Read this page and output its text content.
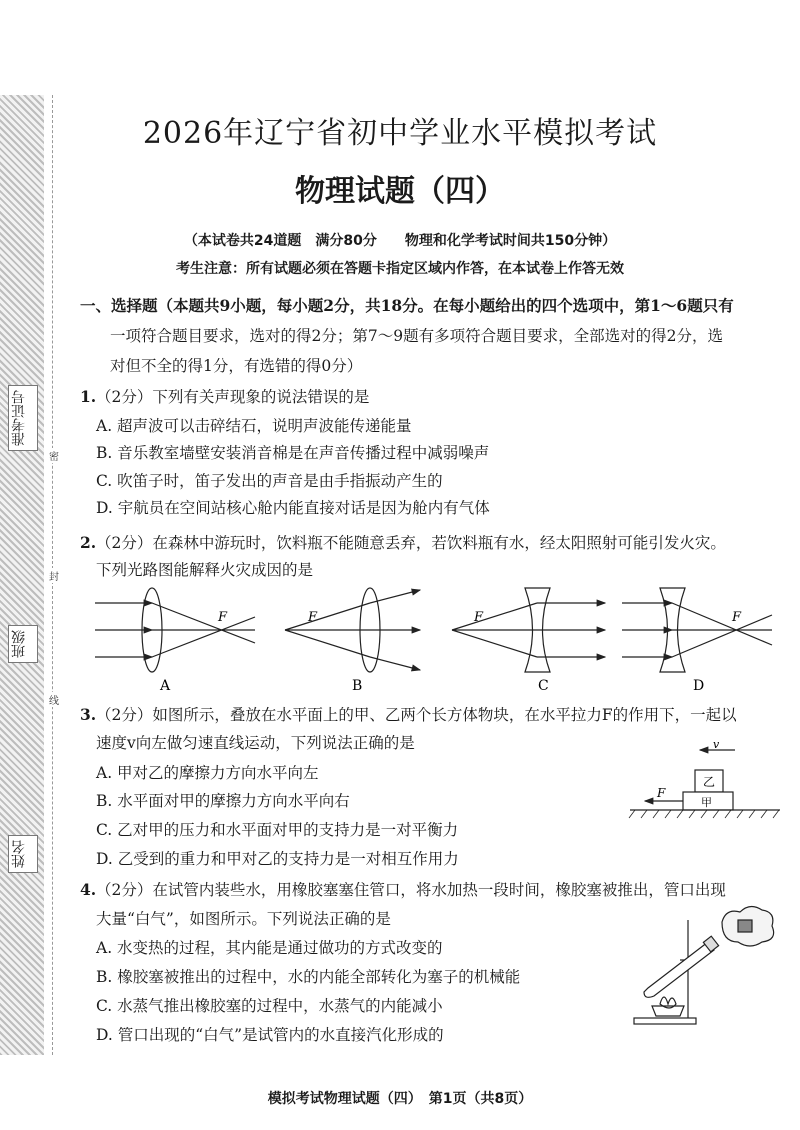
准考证号
班级
姓名
密
封
线
2026年辽宁省初中学业水平模拟考试
物理试题（四）
（本试卷共24道题　满分80分　　物理和化学考试时间共150分钟）
考生注意：所有试题必须在答题卡指定区域内作答，在本试卷上作答无效
一、选择题（本题共9小题，每小题2分，共18分。在每小题给出的四个选项中，第1～6题只有
一项符合题目要求，选对的得2分；第7～9题有多项符合题目要求，全部选对的得2分，选
对但不全的得1分，有选错的得0分）
1. （2分）下列有关声现象的说法错误的是
A. 超声波可以击碎结石，说明声波能传递能量
B. 音乐教室墙壁安装消音棉是在声音传播过程中减弱噪声
C. 吹笛子时，笛子发出的声音是由手指振动产生的
D. 宇航员在空间站核心舱内能直接对话是因为舱内有气体
2. （2分）在森林中游玩时，饮料瓶不能随意丢弃，若饮料瓶有水，经太阳照射可能引发火灾。
下列光路图能解释火灾成因的是
F
A
F
B
F
C
F
D
3. （2分）如图所示，叠放在水平面上的甲、乙两个长方体物块，在水平拉力F的作用下，一起以
速度v向左做匀速直线运动，下列说法正确的是
A. 甲对乙的摩擦力方向水平向左
B. 水平面对甲的摩擦力方向水平向右
C. 乙对甲的压力和水平面对甲的支持力是一对平衡力
D. 乙受到的重力和甲对乙的支持力是一对相互作用力
v
乙
甲
F
4. （2分）在试管内装些水，用橡胶塞塞住管口，将水加热一段时间，橡胶塞被推出，管口出现
大量“白气”，如图所示。下列说法正确的是
A. 水变热的过程，其内能是通过做功的方式改变的
B. 橡胶塞被推出的过程中，水的内能全部转化为塞子的机械能
C. 水蒸气推出橡胶塞的过程中，水蒸气的内能减小
D. 管口出现的“白气”是试管内的水直接汽化形成的
模拟考试物理试题（四）　第1页（共8页）
